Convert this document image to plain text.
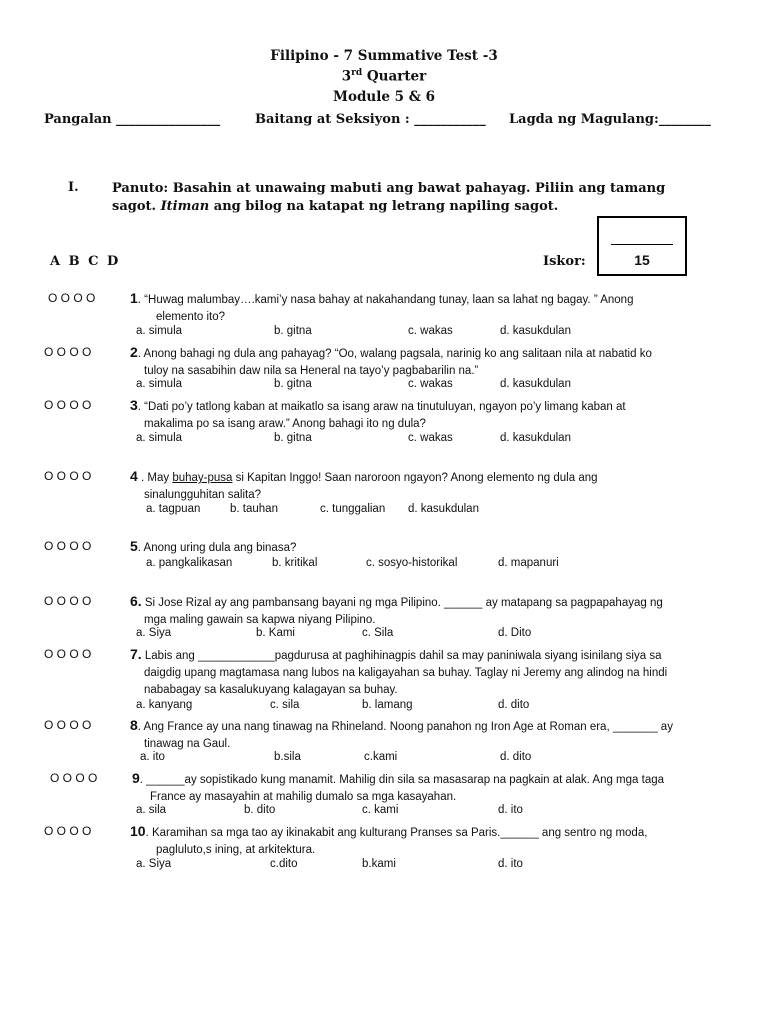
Filipino - 7 Summative Test -3
3rd Quarter
Module 5 & 6
Pangalan ________________	Baitang at Seksiyon : ___________ Lagda ng Magulang:________
I.	Panuto: Basahin at unawaing mabuti ang bawat pahayag. Piliin ang tamang sagot. Itiman ang bilog na katapat ng letrang napiling sagot.
A B C D	Iskor:	15
O O O O 1. “Huwag malumbay….kami’y nasa bahay at nakahandang tunay, laan sa lahat ng bagay. ” Anong
elemento ito?
a. simula	b. gitna	c. wakas	d. kasukdulan
O O O O	2. Anong bahagi ng dula ang pahayag? “Oo, walang pagsala, narinig ko ang salitaan nila at nabatid ko
tuloy na sasabihin daw nila sa Heneral na tayo’y pagbabarilin na.”
a. simula	b. gitna	c. wakas	d. kasukdulan
O O O O	3. “Dati po’y tatlong kaban at maikatlo sa isang araw na tinutuluyan, ngayon po’y limang kaban at
makalima po sa isang araw.” Anong bahagi ito ng dula?
a. simula	b. gitna	c. wakas	d. kasukdulan
O O O O	4 . May buhay-pusa si Kapitan Inggo! Saan naroroon ngayon? Anong elemento ng dula ang
sinalungguhitan salita?
a. tagpuan	b. tauhan	c. tunggalian d. kasukdulan
O O O O	5. Anong uring dula ang binasa?
a. pangkalikasan	b. kritikal	c. sosyo-historikal	d. mapanuri
O O O O	6. Si Jose Rizal ay ang pambansang bayani ng mga Pilipino. ______ ay matapang sa pagpapahayag ng
mga maling gawain sa kapwa niyang Pilipino.
a. Siya	b. Kami	c. Sila	d. Dito
O O O O	7. Labis ang ____________pagdurusa at paghihinagpis dahil sa may paniniwala siyang isinilang siya sa
daigdig upang magtamasa nang lubos na kaligayahan sa buhay. Taglay ni Jeremy ang alindog na hindi
nababagay sa kasalukuyang kalagayan sa buhay.
a. kanyang	c. sila	b. lamang	d. dito
O O O O	8. Ang France ay una nang tinawag na Rhineland. Noong panahon ng Iron Age at Roman era, _______ ay
tinawag na Gaul.
a. ito	b.sila	c.kami	d. dito
O O O O 9. ______ay sopistikado kung manamit. Mahilig din sila sa masasarap na pagkain at alak. Ang mga taga
France ay masayahin at mahilig dumalo sa mga kasayahan.
a. sila	b. dito	c. kami	d. ito
O O O O	10. Karamihan sa mga tao ay ikinakabit ang kulturang Pranses sa Paris.______ ang sentro ng moda,
pagluluto,s ining, at arkitektura.
a. Siya	c.dito	b.kami	d. ito
